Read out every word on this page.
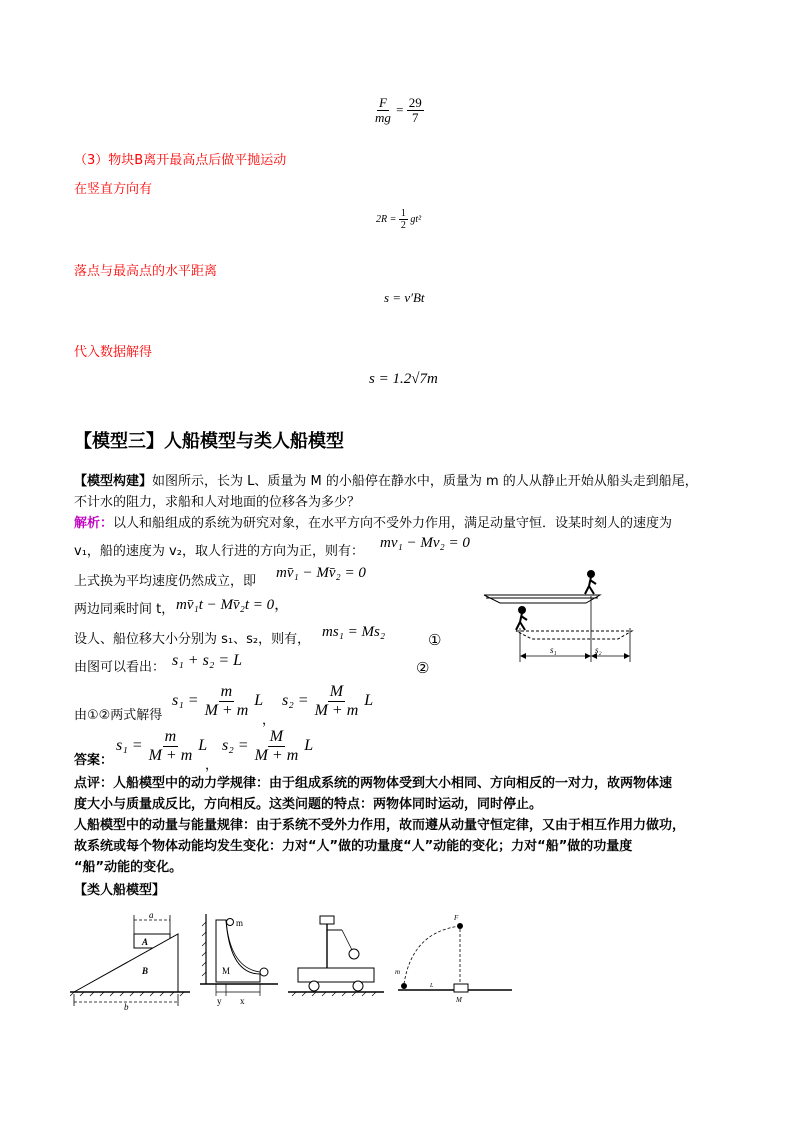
$\frac{F}{mg} = \frac{29}{7}$
（3）物块B离开最高点后做平抛运动
在竖直方向有
$2R = \frac{1}{2} gt^2$
落点与最高点的水平距离
s = v′Bt
代入数据解得
s = 1.2√7m
【模型三】人船模型与类人船模型
【模型构建】如图所示，长为 L、质量为 M 的小船停在静水中，质量为 m 的人从静止开始从船头走到船尾，
不计水的阻力，求船和人对地面的位移各为多少？
解析：以人和船组成的系统为研究对象，在水平方向不受外力作用，满足动量守恒．设某时刻人的速度为
v₁，船的速度为 v₂，取人行进的方向为正，则有：
mv₁ − Mv₂ = 0
上式换为平均速度仍然成立，即
mv̄₁ − Mv̄₂ = 0
两边同乘时间 t， mv̄₁t − Mv̄₂t = 0，
设人、船位移大小分别为 s₁、s₂，则有， ms₁ = Ms₂	①
由图可以看出： s₁ + s₂ = L	②
由①②两式解得
$s_1 = \frac{m}{M + m}$ L
，
$s_2 = \frac{M}{M + m}$ L
答案：
$s_1 = \frac{m}{M + m}$ L
，
$s_2 = \frac{M}{M + m}$ L
点评：人船模型中的动力学规律：由于组成系统的两物体受到大小相同、方向相反的一对力，故两物体速
度大小与质量成反比，方向相反。这类问题的特点：两物体同时运动，同时停止。
人船模型中的动量与能量规律：由于系统不受外力作用，故而遵从动量守恒定律，又由于相互作用力做功，
故系统或每个物体动能均发生变化：力对“人”做的功量度“人”动能的变化；力对“船”做的功量度
“船”动能的变化。
【类人船模型】
s₁	s₂
a
A
B
b
m
M
y x
F
m
L
M
